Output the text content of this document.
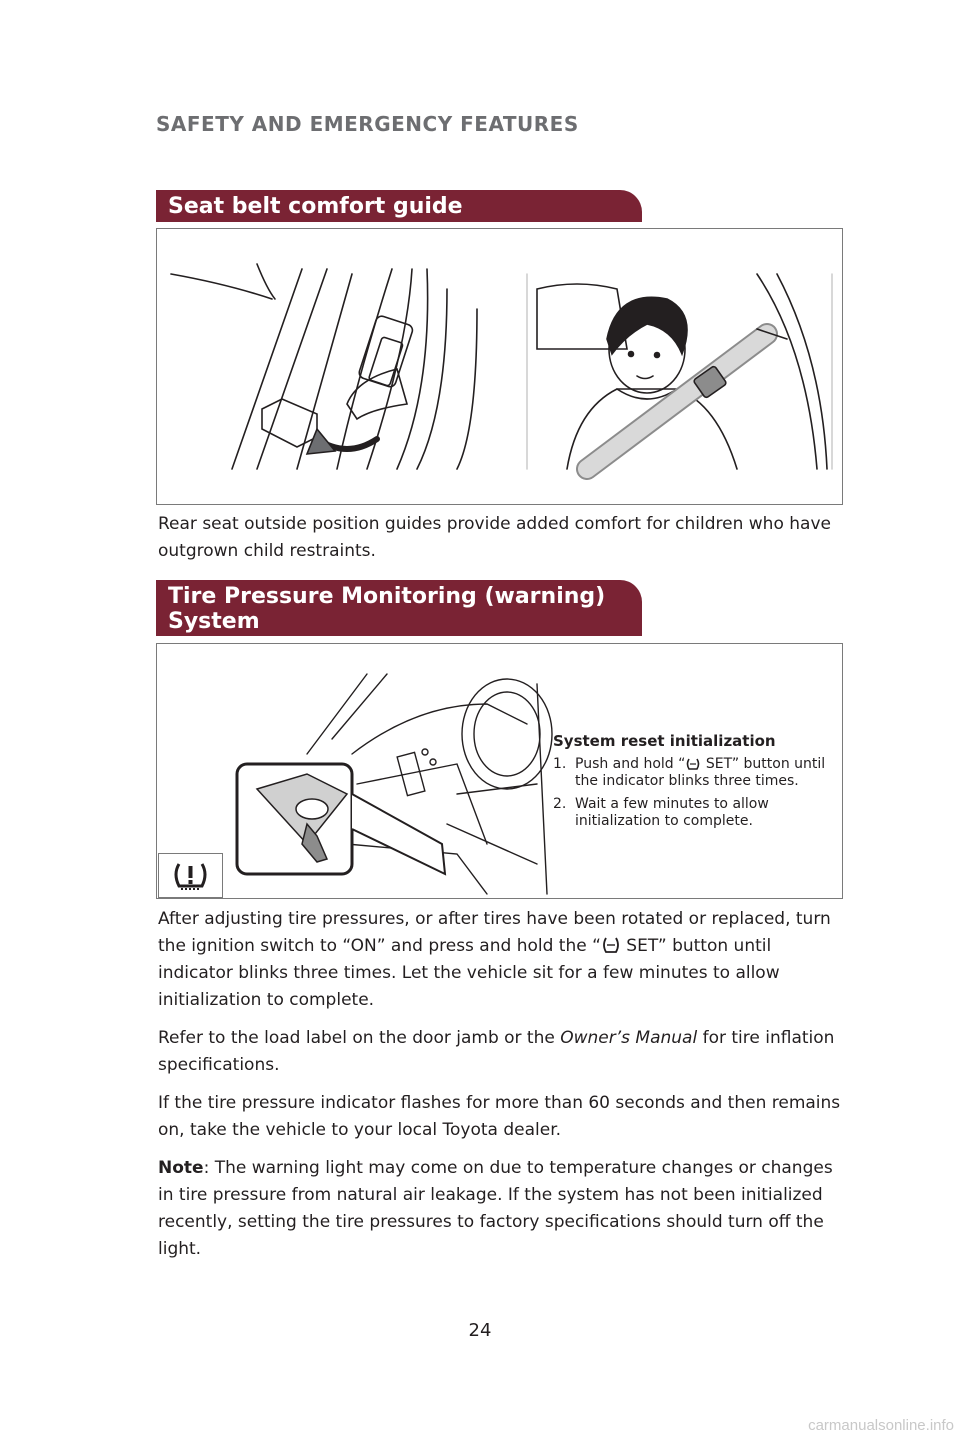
SAFETY AND EMERGENCY FEATURES
Seat belt comfort guide

Rear seat outside position guides provide added comfort for children who have outgrown child restraints.

Tire Pressure Monitoring (warning)
System
System reset initialization
1. Push and hold “ SET” button until the indicator blinks three times.
2. Wait a few minutes to allow initialization to complete.

After adjusting tire pressures, or after tires have been rotated or replaced, turn the ignition switch to “ON” and press and hold the “ SET” button until indicator blinks three times. Let the vehicle sit for a few minutes to allow initialization to complete.

Refer to the load label on the door jamb or the Owner’s Manual for tire inflation specifications.

If the tire pressure indicator flashes for more than 60 seconds and then remains on, take the vehicle to your local Toyota dealer.

Note: The warning light may come on due to temperature changes or changes in tire pressure from natural air leakage. If the system has not been initialized recently, setting the tire pressures to factory specifications should turn off the light.

24
carmanualsonline.info
